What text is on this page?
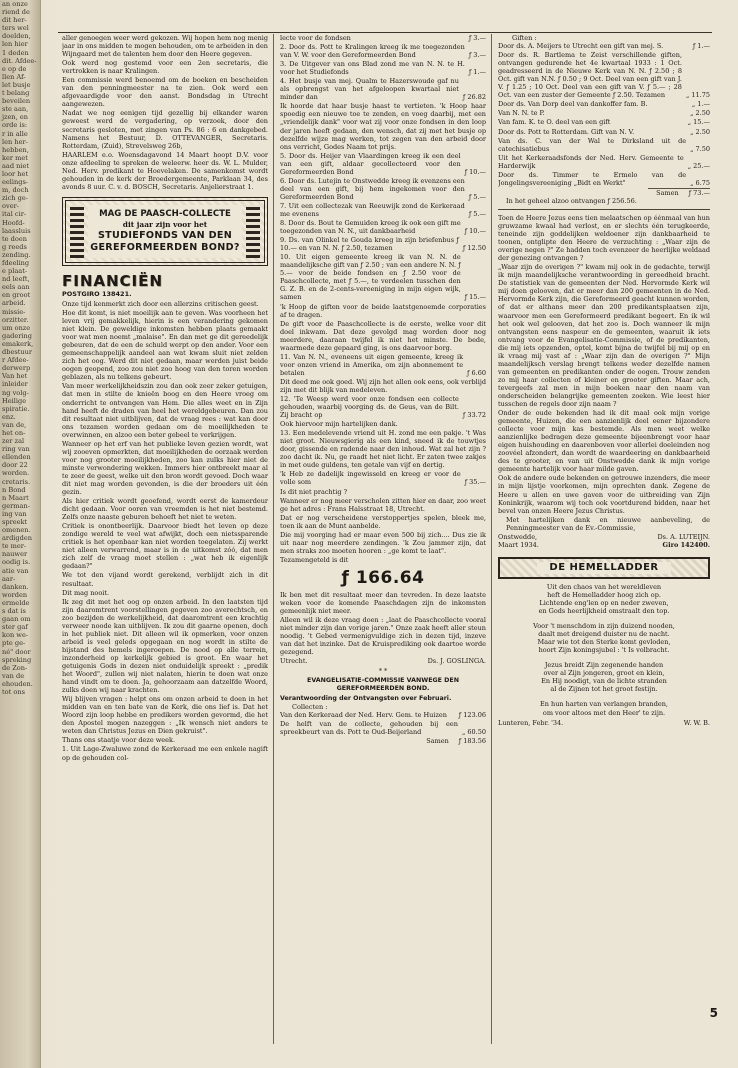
an onze

riend de

dit her-

ters wel

doelden,

len hier

1 deden

dit. Afdee-

e op de

llen Af-

let busje

t belang

beveilen

ste aan,

jzen, en

orde is:

r in alle

len her-

hebben,

ker met

aad niet

loor het

eelings-

m, doch

zich ge-

over-

ital cir-

Hoofd-

laassluis

te doen

g reeds

zending.

fdeeling

e plaat-

nd leeft,

eels aan

en groot

arbeid.

missie-

orzitter.

um onze

gadering

emakerk,

dbestuur

r Afdee-

derwerp

Van het

inleider

ng volg-

Heilige

spiratie.

enz.

van de,

het on-

zer zal

ring van

ellenden

door 22

worden.

cretaris.

n Bond

n Maart

german-

ing van

spreekt

omenen.

ardigden

te mer-

nauwer

oodig is.

atie van

aar-

danken.

worden

ermelde

s dat is

gaan om

ster gaf

kon we-

pte ge-

né" door

spreking

de Zon-

van de

ehouden.

tot ons

aller genoegen weer werd gekozen. Wij hopen hem nog menig jaar in ons midden te mogen behouden, om te arbeiden in den Wijngaard met de talenten hem door den Heere gegeven.

Ook werd nog gestemd voor een 2en secretaris, die vertrokken is naar Kralingen.

Een commissie werd benoemd om de boeken en bescheiden van den penningmeester na te zien. Ook werd een afgevaardigde voor den aanst. Bondsdag in Utrecht aangewezen.

Nadat we nog eenigen tijd gezellig bij elkander waren geweest werd de vergadering, op verzoek, door den secretaris gesloten, met zingen van Ps. 86 : 6 en dankgebed. Namens het Bestuur, D. OTTEVANGER, Secretaris. Rotterdam, (Zuid), Strevelsweg 26b,

HAARLEM e.o. Woensdagavond 14 Maart hoopt D.V. voor onze afdeeling te spreken de weleerw. heer ds. W. L. Mulder, Ned. Herv. predikant te Hoevelaken. De samenkomst wordt gehouden in de kerk der Broedergemeente, Parklaan 34, des avonds 8 uur. C. v. d. BOSCH, Secretaris. Anjelierstraat 1.

MAG DE PAASCH-COLLECTE
dit jaar zijn voor het
STUDIEFONDS VAN DEN
GEREFORMEERDEN BOND?
FINANCIËN
POSTGIRO 138421.

Onze tijd kenmerkt zich door een allerzins critischen geest.

Hoe dit komt, is niet moeilijk aan te geven. Was voorheen het leven vrij gemakkelijk, hierin is een verandering gekomen niet klein. De geweldige inkomsten hebben plaats gemaakt voor wat men noemt „malaise". En dan met ge dit gereedelijk gebeuren, dat de een de schuld werpt op den ander. Voor een gemeenschappelijk aandeel aan wat kwam sluit niet zelden zich het oog. Werd dit niet gedaan, maar werden juist beide oogen geopend, zoo zou niet zoo hoog van den toren worden geblazen, als nu telkens gebeurt.

Van meer werkelijkheidszin zou dan ook zeer zeker getuigen, dat men in stilte de knieën boog en den Heere vroeg om onderricht te ontvangen van Hem. Die alles weet en in Zijn hand heeft de draden van heel het wereldgebeuren. Dan zou dit resultaat niet uitblijven, dat de vraag rees : wat kan door ons tezamen worden gedaan om de moeilijkheden te overwinnen, en alzoo een beter gebeel te verkrijgen.

Wanneer op het erf van het publieke leven gezien wordt, wat wij zooeven opmerkten, dat moeilijkheden de oorzaak werden voor nog grooter moeilijkheden, zoo kan zulks hier niet de minste verwondering wekken. Immers hier ontbreekt maar al te zeer de geest, welke uit den bron wordt gevoed. Doch waar dit niet mag worden gevonden, is die der broeders uit één gezin.

Als hier critiek wordt geoefend, wordt eerst de kamerdeur dicht gedaan. Voor ooren van vreemden is het niet bestemd. Zelfs onze naaste geburen behoeft het niet te weten.

Critiek is onontbeerlijk. Daarvoor biedt het leven op deze zondige wereld te veel wat afwijkt, doch een nietssparende critiek is het openbaar kan niet worden toegelaten. Zij werkt niet alleen verwarrend, maar is in de uitkomst zóó, dat men zich zelf de vraag moet stellen : „wat heb ik eigenlijk gedaan?"

We tot den vijand wordt gerekend, verblijdt zich in dit resultaat.

Dit mag nooit.

Ik zeg dit met het oog op onzen arbeid. In den laatsten tijd zijn daaromtrent voorstellingen gegeven zoo averechtsch, en zoo bezijden de werkelijkheid, dat daaromtrent een krachtig verweer noode kan uitblijven. Ik zou dit gaarne openen, doch in het publiek niet. Dit alleen wil ik opmerken, voor onzen arbeid is veel geleds opgegaan en nog wordt in stilte de bijstand des hemels ingeroepen. De nood op alle terrein, inzonderheid op kerkelijk gebied is groot. En waar het getuigenis Gods in dezen niet onduidelijk spreekt : „predik het Woord", zullen wij niet nalaten, hierin te doen wat onze hand vindt om te doen. Ja, gehoorzaam aan datzelfde Woord, zulks doen wij naar krachten.

Wij blijven vragen : helpt ons om onzen arbeid te doen in het midden van en ten bate van de Kerk, die ons lief is. Dat het Woord zijn loop hebbe en predikers worden gevormd, die het den Apostel mogen nazeggen : „Ik wensch niet anders te weten dan Christus Jezus en Dien gekruist".

Thans ons staatje voor deze week.

1. Uit Lage-Zwaluwe zond de Kerkeraad me een enkele nagift op de gehouden col-

lecte voor de fondsen	ƒ 3.—
2. Door ds. Pott te Kralingen kreeg ik me toegezonden van V. W. voor den Gereformeerden Bond	ƒ 3.—
3. De Uitgever van ons Blad zond me van N. N. te H. voor het Studiefonds	ƒ 1.—
4. Het busje van mej. Qualm te Hazerswoude gaf nu als opbrengst van het afgeloopen kwartaal niet minder dan	ƒ 26.82
Ik hoorde dat haar busje haast te vertieten. 'k Hoop haar spoedig een nieuwe toe te zenden, en voeg daarbij, met een „vriendelijk dank" voor wat zij voor onze fondsen in den loop der jaren heeft gedaan, den wensch, dat zij met het busje op dezelfde wijze mag werken, tot zegen van den arbeid door ons verricht, Godes Naam tot prijs.
5. Door ds. Heijer van Vlaardingen kreeg ik een deel van een gift, aldaar gecollecteerd voor den Gereformeerden Bond	ƒ 10.—
6. Door ds. Lutejin te Onstwedde kreeg ik evenzens een deel van een gift, bij hem ingekomen voor den Gereformeerden Bond	ƒ 5.—
7. Uit een collectezak van Reeuwijk zond de Kerkeraad me evenens	ƒ 5.—
8. Door ds. Bout te Gemuiden kreeg ik ook een gift me toegezonden van N. N., uit dankbaarheid	ƒ 10.—
9. Ds. van Olinkel te Gouda kreeg in zijn briefenbus ƒ 10.— en van N. N. ƒ 2.50, tezamen	ƒ 12.50
10. Uit eigen gemeente kreeg ik van N. N. de maandelijksche gift van ƒ 2.50 ; van een andere N. N. ƒ 5.— voor de beide fondsen en ƒ 2.50 voor de Paaschcollecte, met ƒ 5.—, te verdeelen tusschen den G. Z. B. en de 2-cents-vereeniging in mijn eigen wijk, samen	ƒ 15.—
'k Hoop de giften voor de beide laatstgenoemde corporaties af te dragen.
De gift voor de Paaschcollecte is de eerste, welke voor dit doel inkwam. Dat deze gevolgd mag worden door nog meerdere, daaraan twijfel ik niet het minste. De bede, waarmede deze gepaard ging, is ons daarvoor borg.
11. Van N. N., eveneens uit eigen gemeente, kreeg ik voor onzen vriend in Amerika, om zijn abonnement te betalen	ƒ 6.60
Dit deed me ook goed. Wij zijn het allen ook eens, ook verblijd zijn met dit blijk van medeleven.
12. 'Te Weesp werd voor onze fondsen een collecte gehouden, waarbij voorging ds. de Geus, van de Bilt. Zij bracht op	ƒ 33.72
Ook hiervoor mijn hartelijken dank.
13. Een medelevende vriend uit H. zond me een pakje. 't Was niet groot. Nieuwsgierig als een kind, sneed ik de touwtjes door, gissende en radende naar den inhoud. Wat zal het zijn ? zoo dacht ik. Nu, ge raadt het niet licht. Er zaten twee zakjes in met oude guldens, ten getale van vijf en dertig.
'k Heb ze dadelijk ingewisseld en kreeg er voor de volle som	ƒ 35.—
Is dit niet prachtig ?
Wanneer er nog meer verscholen zitten hier en daar, zoo weet ge het adres : Frans Halsstraat 18, Utrecht.
Dat er nog verscheidene verstoppertjes spelen, bleek me, toen ik aan de Munt aanbelde.
Die mij voorging had er maar even 500 bij zich.... Dus zie ik uit naar nog meerdere zendingen. 'k Zou jammer zijn, dat men straks zoo moeten hooren : „ge komt te laat".
Tezamengeteld is dit
ƒ 166.64

Ik ben met dit resultaat meer dan tevreden. In deze laatste weken voor de komende Paaschdagen zijn de inkomsten gemeenlijk niet meer.

Alleen wil ik deze vraag doen : „laat de Paaschcollecte vooral niet minder zijn dan vorige jaren." Onze zaak heeft aller steun noodig. 't Gebed vermenigvuldige zich in dezen tijd, inzeve van dat het inzinke. Dat de Kruisprediking ook daartoe worde gezegend.

Utrecht.	Ds. J. GOSLINGA.
* *
EVANGELISATIE-COMMISSIE VANWEGE DEN GEREFORMEERDEN BOND.
Verantwoording der Ontvangsten over Februari.
Collecten :
Van den Kerkeraad der Ned. Herv. Gem. te Huizen	ƒ 123.06
De helft van de collecte, gehouden bij een spreekbeurt van ds. Pott te Oud-Beijerland	„ 60.50
Samen ƒ 183.56
Giften :
Door ds. A. Meijers te Utrecht een gift van mej. S.	ƒ 1.—
Door ds. R. Bartlema te Zeist verschillende giften, ontvangen gedurende het 4e kwartaal 1933 : 1 Oct. geadresseerd in de Nieuwe Kerk van N. N. ƒ 2.50 ; 8 Oct. gift van N.N. ƒ 0.50 ; 9 Oct. Deel van een gift van J. V. ƒ 1.25 ; 10 Oct. Deel van een gift van V. ƒ 5.— ; 28 Oct. van een zuster der Gemeente ƒ 2.50. Tezamen	„ 11.75
Door ds. Van Dorp deel van dankoffer fam. B.	„ 1.—
Van N. N. te P.	„ 2.50
Van fam. K. te O. deel van een gift	„ 15.—
Door ds. Pott te Rotterdam. Gift van N. V.	„ 2.50
Van ds. C. van der Wal te Dirksland uit de catechisatiebus	„ 7.50
Uit het Kerkeraadsfonds der Ned. Herv. Gemeente te Harderwijk	„ 25.—
Door ds. Timmer te Ermelo van de Jongelingsvereeniging „Bidt en Werkt"	„ 6.75
Samen ƒ 73.—

In het geheel alzoo ontvangen ƒ 256.56.

Toen de Heere Jezus eens tien melaatschen op éénmaal van hun gruwzame kwaal had verlost, en er slechts één terugkeerde, teneinde zijn goddelijken weldoener zijn dankbaarheid te toonen, ontglipte den Heere de verzuchting : „Waar zijn de overige negen ?" Ze hadden toch evenzeer de heerlijke weldaad der genezing ontvangen ?

„Waar zijn de overigen ?" kwam mij ook in de gedachte, terwijl ik mijn maandelijksche verantwoording in gereedheid bracht. De statistiek van de gemeenten der Ned. Hervormde Kerk wil mij doen gelooven, dat er meer dan 200 gemeenten in de Ned. Hervormde Kerk zijn, die Gereformeerd geacht kunnen worden, of dat er althans meer dan 200 predikantsplaatsen zijn, waarvoor men een Gereformeerd predikant begeert. En ik wil het ook wel gelooven, dat het zoo is. Doch wanneer ik mijn ontvangsten eens naspeur en de gemeenten, waaruit ik iets ontvang voor de Evangelisatie-Commissie, of de predikanten, die mij iets opzenden, optel, komt bijna de twijfel bij mij op en ik vraag mij vast af : „Waar zijn dan de overigen ?" Mijn maandelijksch verslag brengt telkens weder dezelfde namen van gemeenten en predikanten onder de oogen. Trouw zenden zo mij haar collecten of kleiner en grooter giften. Maar ach, tevergeefs zal men in mijn boeken naar den naam van onderscheiden belangrijke gemeenten zoeken. Wie leest hier tusschen de regels door zijn naam ?

Onder de oude bekenden had ik dit maal ook mijn vorige gemeente, Huizen, die een aanzienlijk deel eener bijzondere collecte voor mijn kas bestemde. Als men weet welke aanzienlijke bedragen deze gemeente bijeenbrengt voor haar eigen huishouding en daarenboven voor allerlei doeleinden nog zoovéel afzondert, dan wordt de waardeering en dankbaarheid des te grooter, en van uit Onstwedde dank ik mijn vorige gemeente hartelijk voor haar milde gaven.

Ook de andere oude bekenden en getrouwe inzenders, die meer in mijn lijstje voorkomen, mijn oprechten dank. Zegene de Heere u allen en uwe gaven voor de uitbreiding van Zijn Koninkrijk, waarom wij toch ook voortdurend bidden, naar het bevel van onzen Heere Jezus Christus.

Met hartelijken dank en nieuwe aanbeveling, de Penningmeester van de Ev.-Commissie,

Onstwedde,	Ds. A. LUTEIJN.
Maart 1934.	Giro 142400.
DE HEMELLADDER

Uit den chaos van het wereldleven

heft de Hemelladder hoog zich op.

Lichtende eng'len op en neder zweven,

en Gods heerlijkheid omstraalt den top.

Voor 't menschdom in zijn duizend nooden,

daalt met dreigend duister nu de nacht.

Maar wie tot den Sterke komt gevloden,

hoort Zijn koningsjubel : 't Is volbracht.

Jezus breidt Zijn zegenende handen

over al Zijn jongeren, groot en klein,

En Hij noodigt, van de lichte stranden

al de Zijnen tot het groot festijn.

En hun harten van verlangen branden,

om voor altoos met den Heer' te zijn.

Lunteren, Febr. '34.	W. W. B.
5
